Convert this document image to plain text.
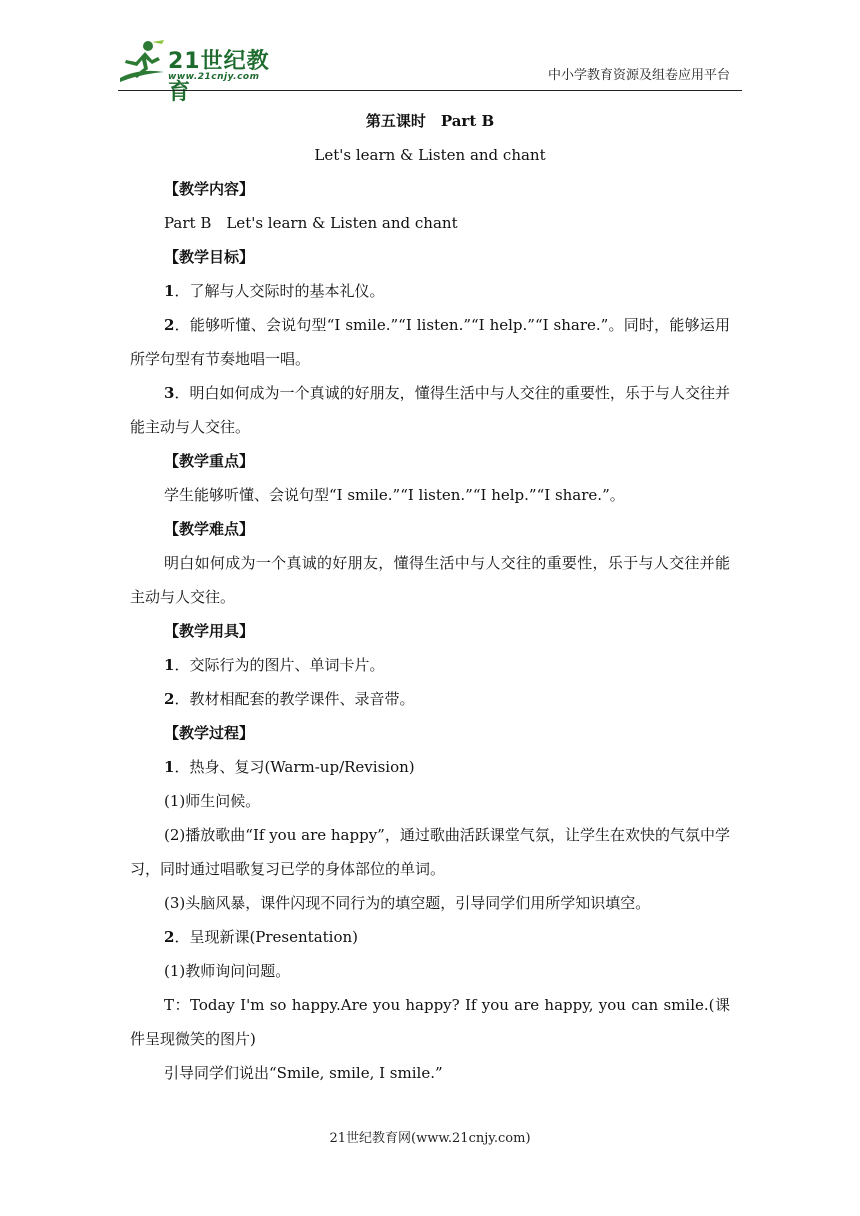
21世纪教育
www.21cnjy.com	中小学教育资源及组卷应用平台
第五课时　Part B
Let's learn & Listen and chant
【教学内容】
Part B　Let's learn & Listen and chant
【教学目标】
1．了解与人交际时的基本礼仪。
2．能够听懂、会说句型“I smile.”“I listen.”“I help.”“I share.”。同时，能够运用所学句型有节奏地唱一唱。
3．明白如何成为一个真诚的好朋友，懂得生活中与人交往的重要性，乐于与人交往并能主动与人交往。
【教学重点】
学生能够听懂、会说句型“I smile.”“I listen.”“I help.”“I share.”。
【教学难点】
明白如何成为一个真诚的好朋友，懂得生活中与人交往的重要性，乐于与人交往并能主动与人交往。
【教学用具】
1．交际行为的图片、单词卡片。
2．教材相配套的教学课件、录音带。
【教学过程】
1．热身、复习(Warm-up/Revision)
(1)师生问候。
(2)播放歌曲“If you are happy”，通过歌曲活跃课堂气氛，让学生在欢快的气氛中学习，同时通过唱歌复习已学的身体部位的单词。
(3)头脑风暴，课件闪现不同行为的填空题，引导同学们用所学知识填空。
2．呈现新课(Presentation)
(1)教师询问问题。
T：Today I'm so happy.Are you happy? If you are happy, you can smile.(课件呈现微笑的图片)
引导同学们说出“Smile, smile, I smile.”
21世纪教育网(www.21cnjy.com)
